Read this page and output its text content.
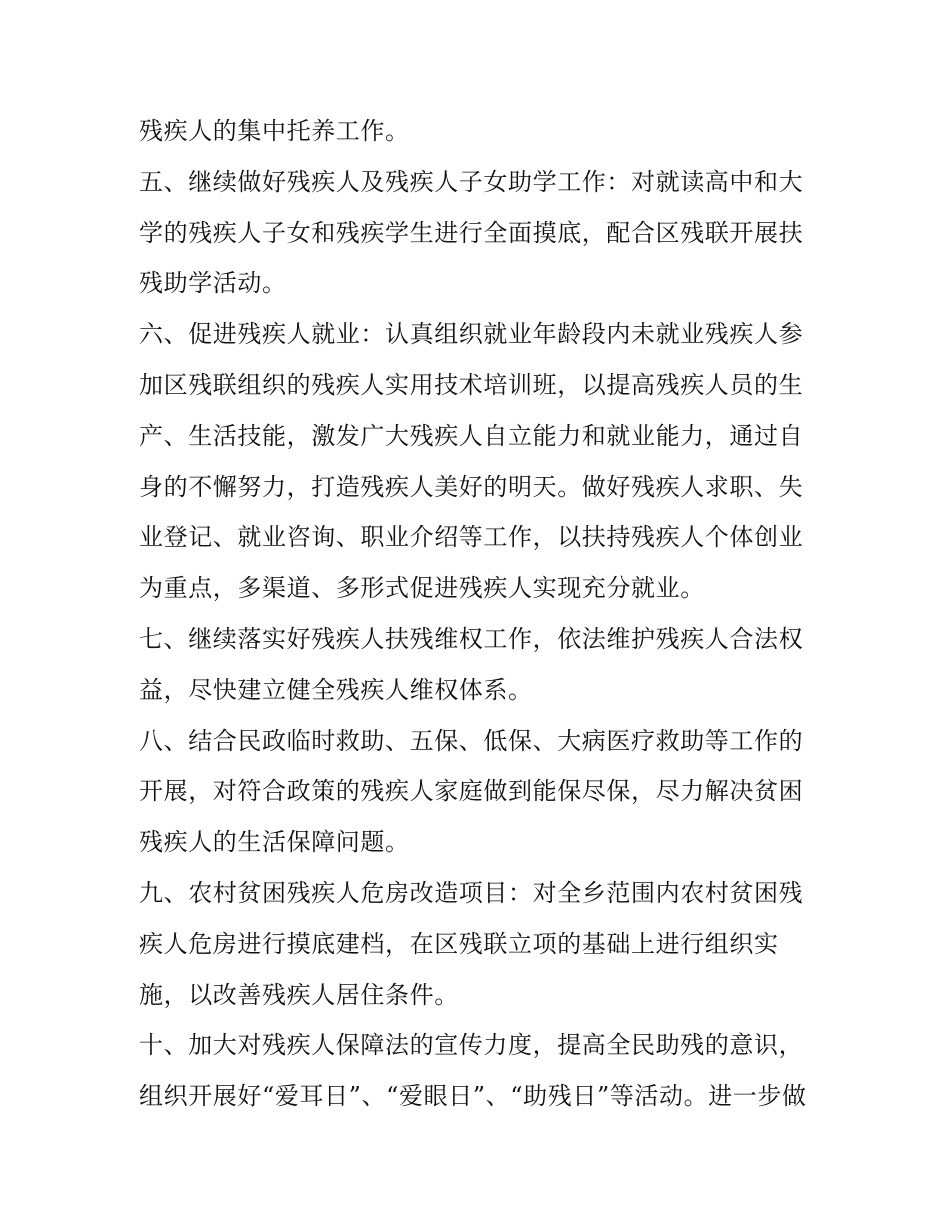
残疾人的集中托养工作。
五、继续做好残疾人及残疾人子女助学工作：对就读高中和大
学的残疾人子女和残疾学生进行全面摸底，配合区残联开展扶
残助学活动。
六、促进残疾人就业：认真组织就业年龄段内未就业残疾人参
加区残联组织的残疾人实用技术培训班，以提高残疾人员的生
产、生活技能，激发广大残疾人自立能力和就业能力，通过自
身的不懈努力，打造残疾人美好的明天。做好残疾人求职、失
业登记、就业咨询、职业介绍等工作，以扶持残疾人个体创业
为重点，多渠道、多形式促进残疾人实现充分就业。
七、继续落实好残疾人扶残维权工作，依法维护残疾人合法权
益，尽快建立健全残疾人维权体系。
八、结合民政临时救助、五保、低保、大病医疗救助等工作的
开展，对符合政策的残疾人家庭做到能保尽保，尽力解决贫困
残疾人的生活保障问题。
九、农村贫困残疾人危房改造项目：对全乡范围内农村贫困残
疾人危房进行摸底建档，在区残联立项的基础上进行组织实
施，以改善残疾人居住条件。
十、加大对残疾人保障法的宣传力度，提高全民助残的意识，
组织开展好“爱耳日”、“爱眼日”、“助残日”等活动。进一步做
